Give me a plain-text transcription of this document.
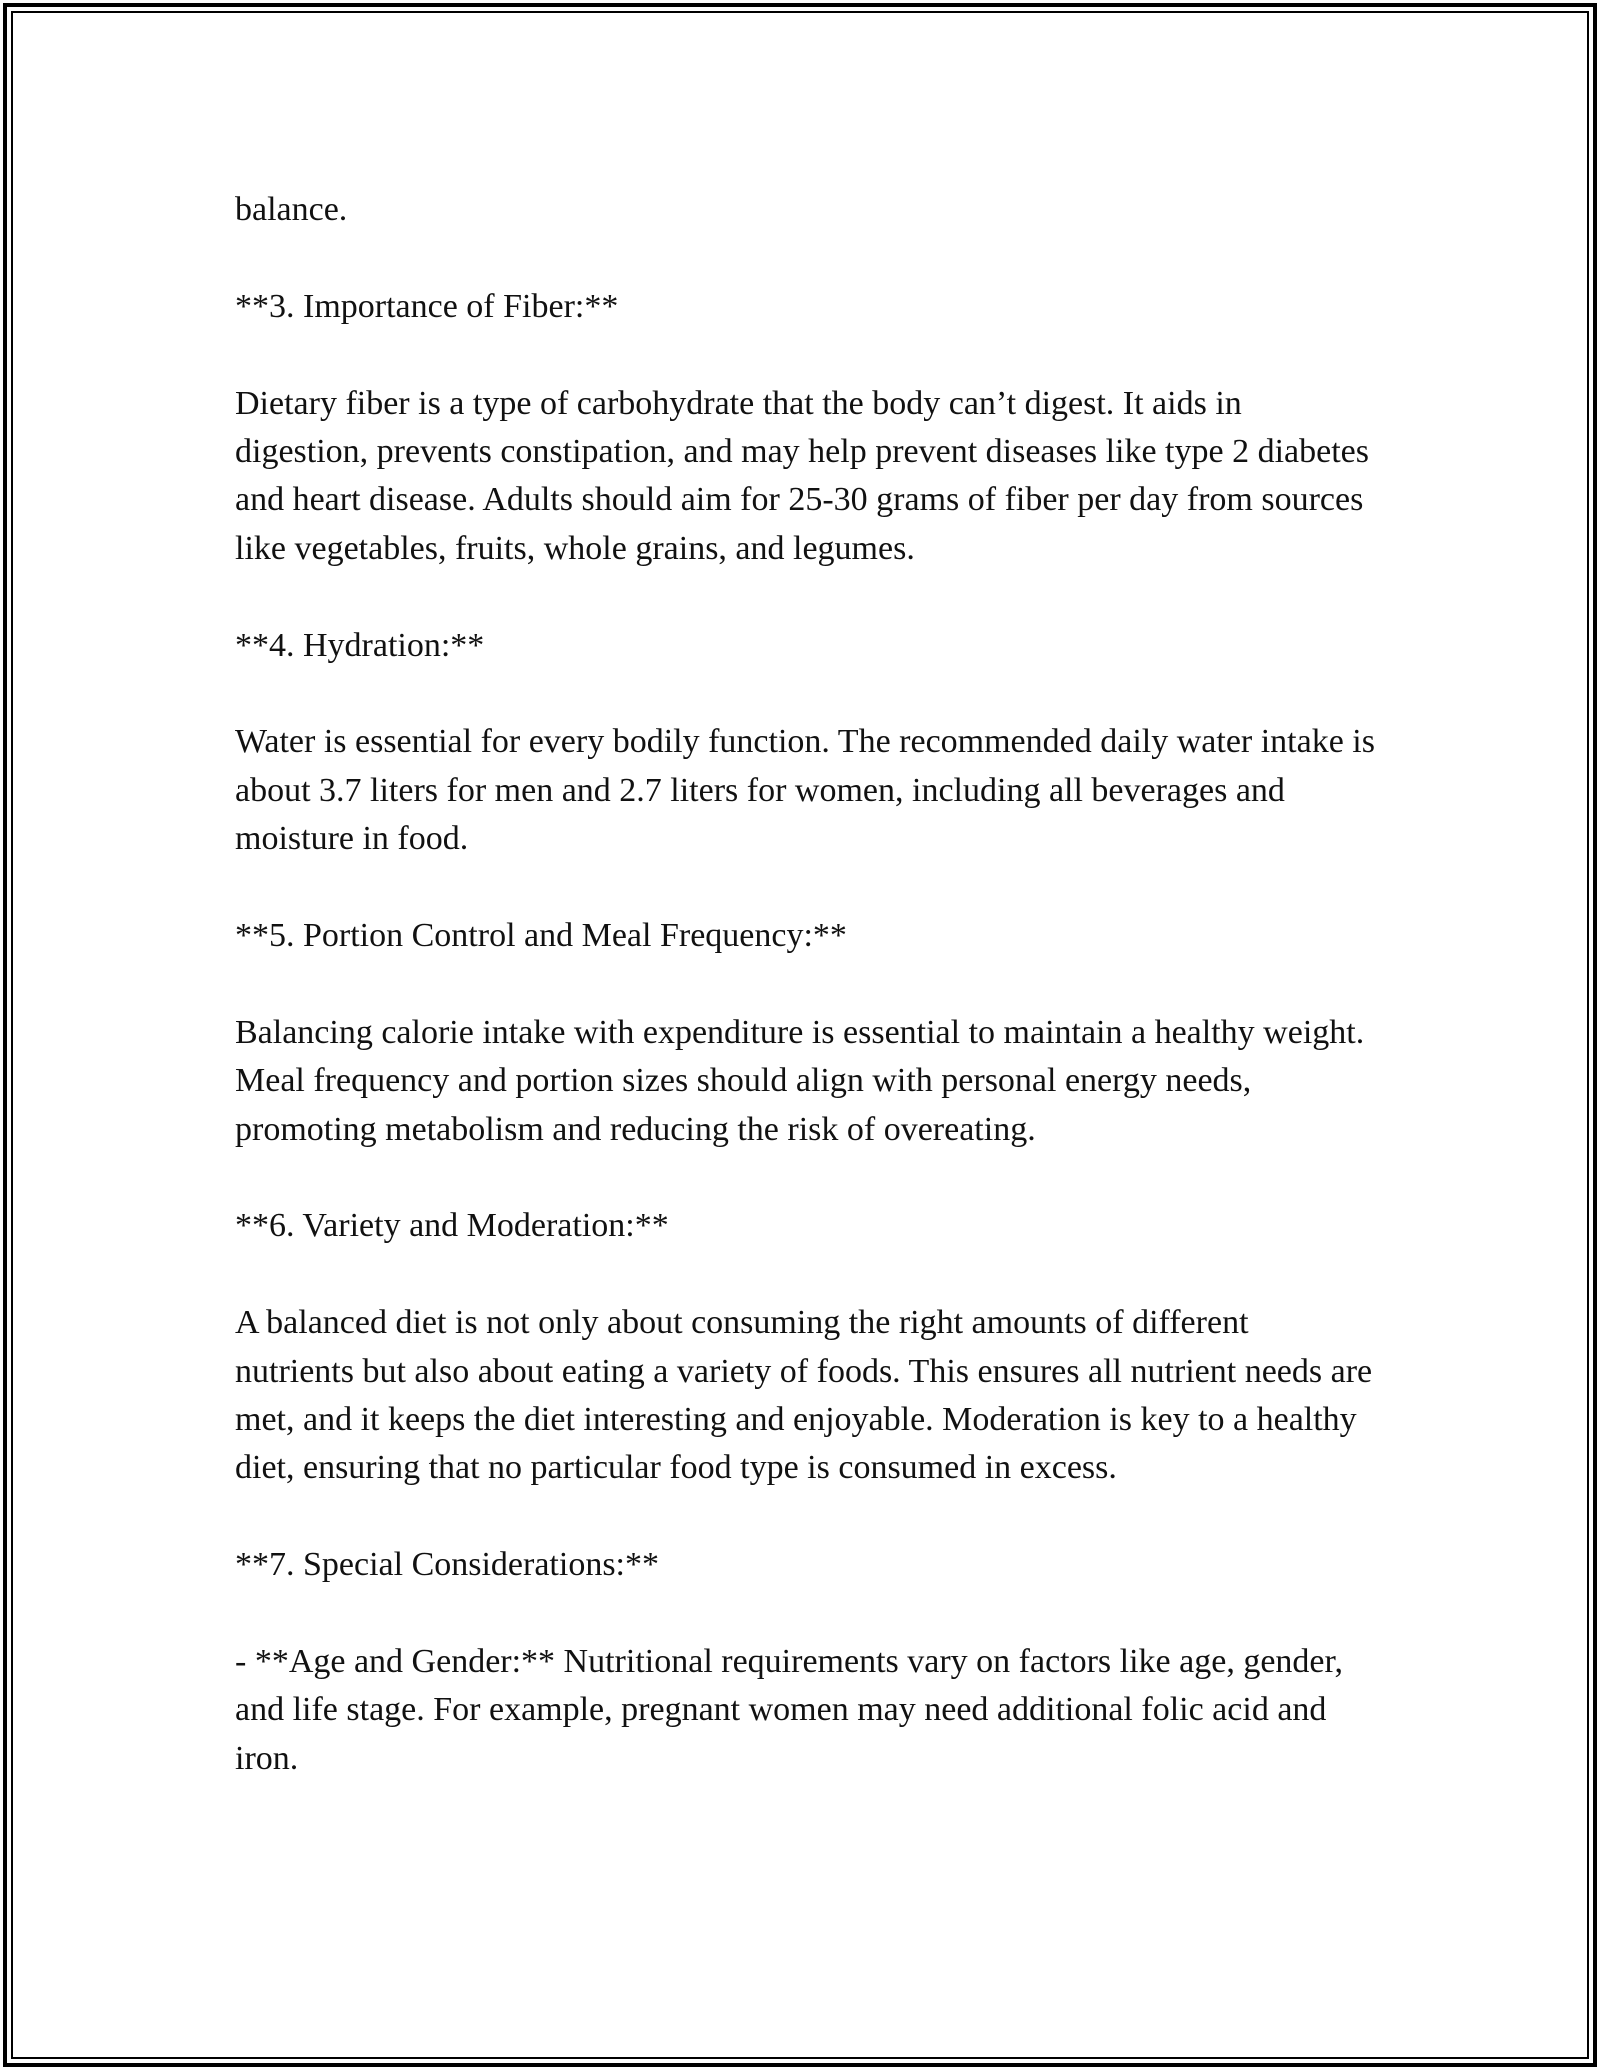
balance.

**3. Importance of Fiber:**

Dietary fiber is a type of carbohydrate that the body can’t digest. It aids in digestion, prevents constipation, and may help prevent diseases like type 2 diabetes and heart disease. Adults should aim for 25-30 grams of fiber per day from sources like vegetables, fruits, whole grains, and legumes.

**4. Hydration:**

Water is essential for every bodily function. The recommended daily water intake is about 3.7 liters for men and 2.7 liters for women, including all beverages and moisture in food.

**5. Portion Control and Meal Frequency:**

Balancing calorie intake with expenditure is essential to maintain a healthy weight. Meal frequency and portion sizes should align with personal energy needs, promoting metabolism and reducing the risk of overeating.

**6. Variety and Moderation:**

A balanced diet is not only about consuming the right amounts of different nutrients but also about eating a variety of foods. This ensures all nutrient needs are met, and it keeps the diet interesting and enjoyable. Moderation is key to a healthy diet, ensuring that no particular food type is consumed in excess.

**7. Special Considerations:**

- **Age and Gender:** Nutritional requirements vary on factors like age, gender, and life stage. For example, pregnant women may need additional folic acid and iron.
